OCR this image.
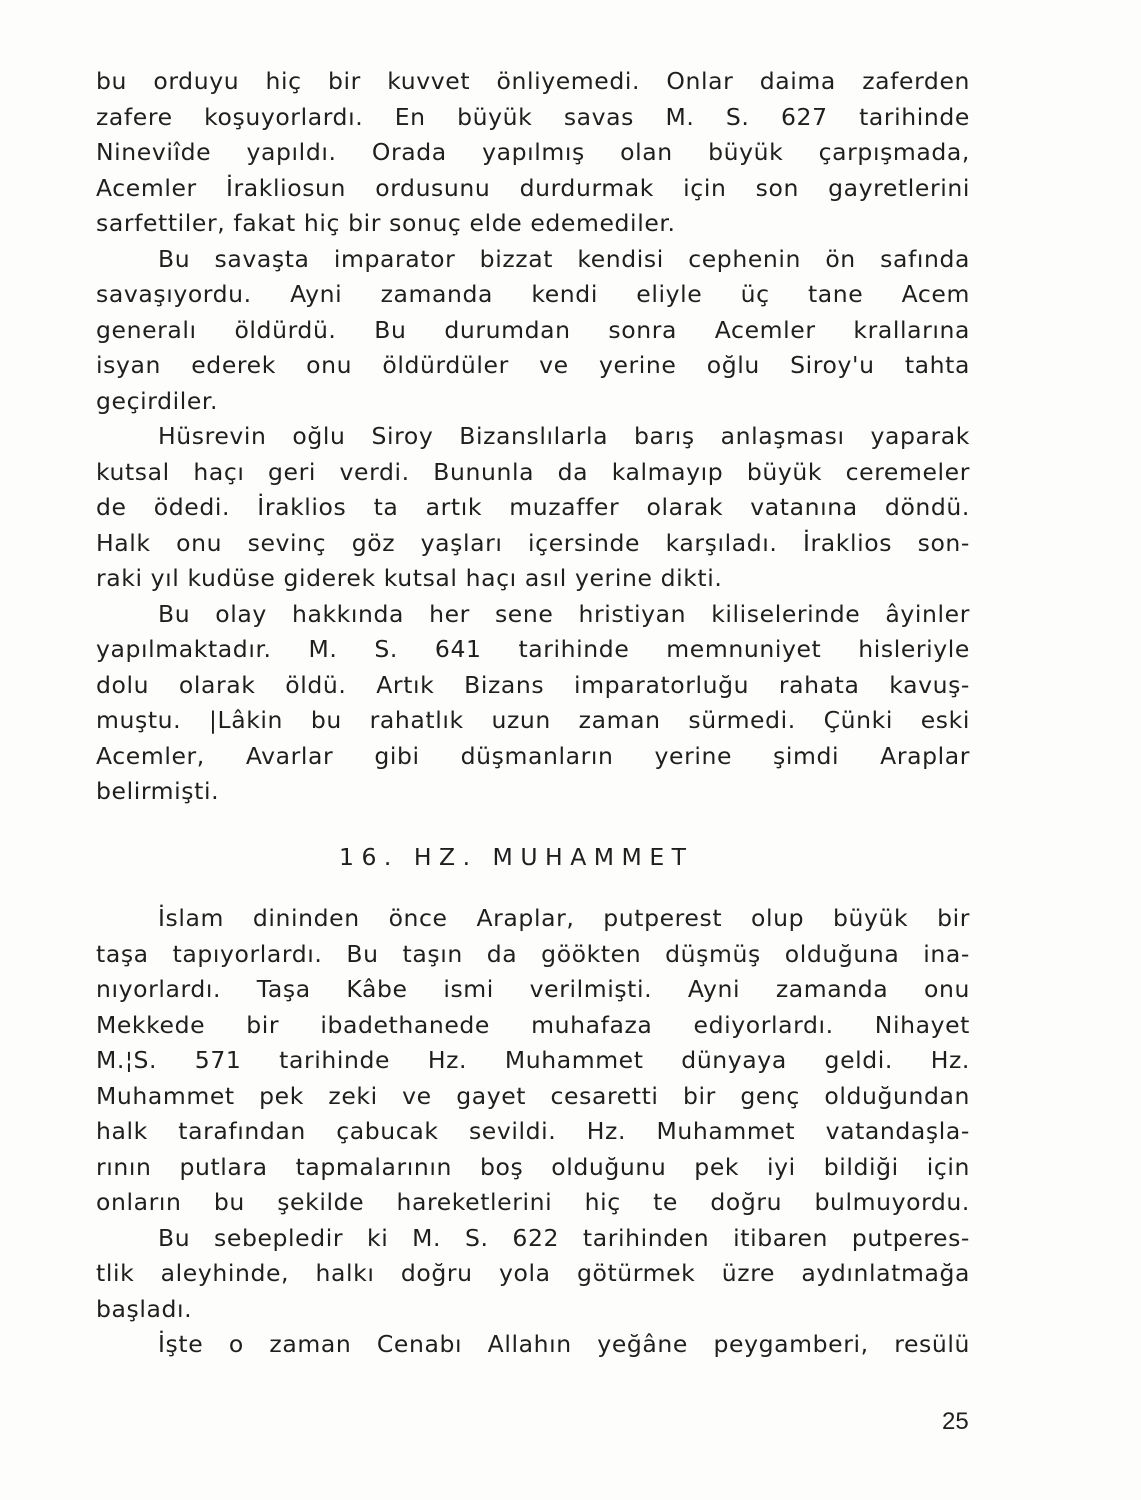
bu orduyu hiç bir kuvvet önliyemedi. Onlar daima zaferden
zafere koşuyorlardı. En büyük savas M. S. 627 tarihinde
Nineviîde yapıldı. Orada yapılmış olan büyük çarpışmada,
Acemler İrakliosun ordusunu durdurmak için son gayretlerini
sarfettiler, fakat hiç bir sonuç elde edemediler.
Bu savaşta imparator bizzat kendisi cephenin ön safında
savaşıyordu. Ayni zamanda kendi eliyle üç tane Acem
generalı öldürdü. Bu durumdan sonra Acemler krallarına
isyan ederek onu öldürdüler ve yerine oğlu Siroy'u tahta
geçirdiler.
Hüsrevin oğlu Siroy Bizanslılarla barış anlaşması yaparak
kutsal haçı geri verdi. Bununla da kalmayıp büyük ceremeler
de ödedi. İraklios ta artık muzaffer olarak vatanına döndü.
Halk onu sevinç göz yaşları içersinde karşıladı. İraklios son-
raki yıl kudüse giderek kutsal haçı asıl yerine dikti.
Bu olay hakkında her sene hristiyan kiliselerinde âyinler
yapılmaktadır. M. S. 641 tarihinde memnuniyet hisleriyle
dolu olarak öldü. Artık Bizans imparatorluğu rahata kavuş-
muştu. |Lâkin bu rahatlık uzun zaman sürmedi. Çünki eski
Acemler, Avarlar gibi düşmanların yerine şimdi Araplar
belirmişti.
16. HZ. MUHAMMET
İslam dininden önce Araplar, putperest olup büyük bir
taşa tapıyorlardı. Bu taşın da göökten düşmüş olduğuna ina-
nıyorlardı. Taşa Kâbe ismi verilmişti. Ayni zamanda onu
Mekkede bir ibadethanede muhafaza ediyorlardı. Nihayet
M.¦S. 571 tarihinde Hz. Muhammet dünyaya geldi. Hz.
Muhammet pek zeki ve gayet cesaretti bir genç olduğundan
halk tarafından çabucak sevildi. Hz. Muhammet vatandaşla-
rının putlara tapmalarının boş olduğunu pek iyi bildiği için
onların bu şekilde hareketlerini hiç te doğru bulmuyordu.
Bu sebepledir ki M. S. 622 tarihinden itibaren putperes-
tlik aleyhinde, halkı doğru yola götürmek üzre aydınlatmağa
başladı.
İşte o zaman Cenabı Allahın yeğâne peygamberi, resülü
25
